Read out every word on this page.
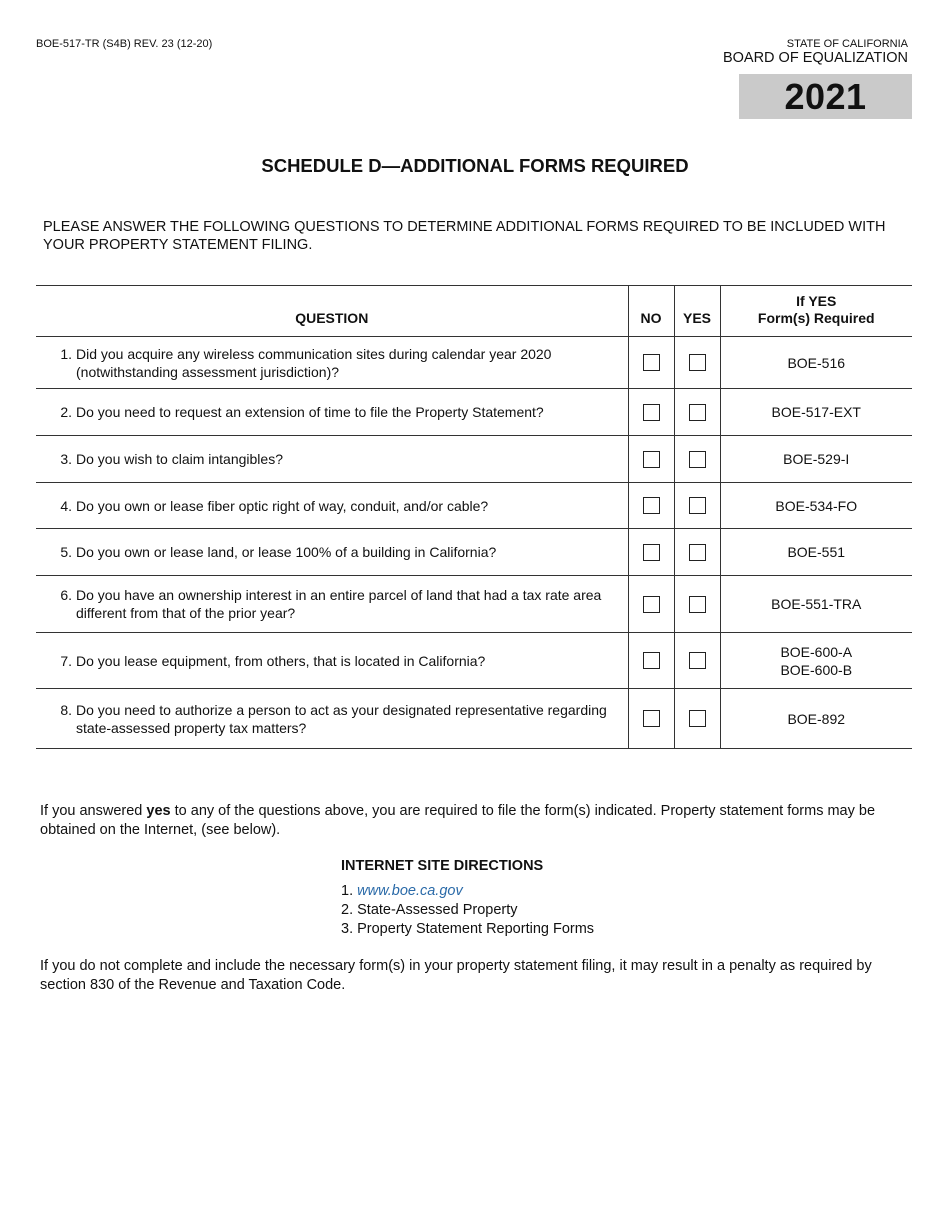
BOE-517-TR (S4B) REV. 23 (12-20)	STATE OF CALIFORNIA
BOARD OF EQUALIZATION
2021
SCHEDULE D—ADDITIONAL FORMS REQUIRED
PLEASE ANSWER THE FOLLOWING QUESTIONS TO DETERMINE ADDITIONAL FORMS REQUIRED TO BE INCLUDED WITH YOUR PROPERTY STATEMENT FILING.
QUESTION	NO	YES	If YES
Form(s) Required

1. Did you acquire any wireless communication sites during calendar year 2020 (notwithstanding assessment jurisdiction)?			BOE-516

2. Do you need to request an extension of time to file the Property Statement?			BOE-517-EXT

3. Do you wish to claim intangibles?			BOE-529-I

4. Do you own or lease fiber optic right of way, conduit, and/or cable?			BOE-534-FO

5. Do you own or lease land, or lease 100% of a building in California?			BOE-551

6. Do you have an ownership interest in an entire parcel of land that had a tax rate area different from that of the prior year?			BOE-551-TRA

7. Do you lease equipment, from others, that is located in California?			BOE-600-A
BOE-600-B

8. Do you need to authorize a person to act as your designated representative regarding state-assessed property tax matters?			BOE-892
If you answered yes to any of the questions above, you are required to file the form(s) indicated. Property statement forms may be obtained on the Internet, (see below).
INTERNET SITE DIRECTIONS
1. www.boe.ca.gov
2. State-Assessed Property
3. Property Statement Reporting Forms
If you do not complete and include the necessary form(s) in your property statement filing, it may result in a penalty as required by section 830 of the Revenue and Taxation Code.
